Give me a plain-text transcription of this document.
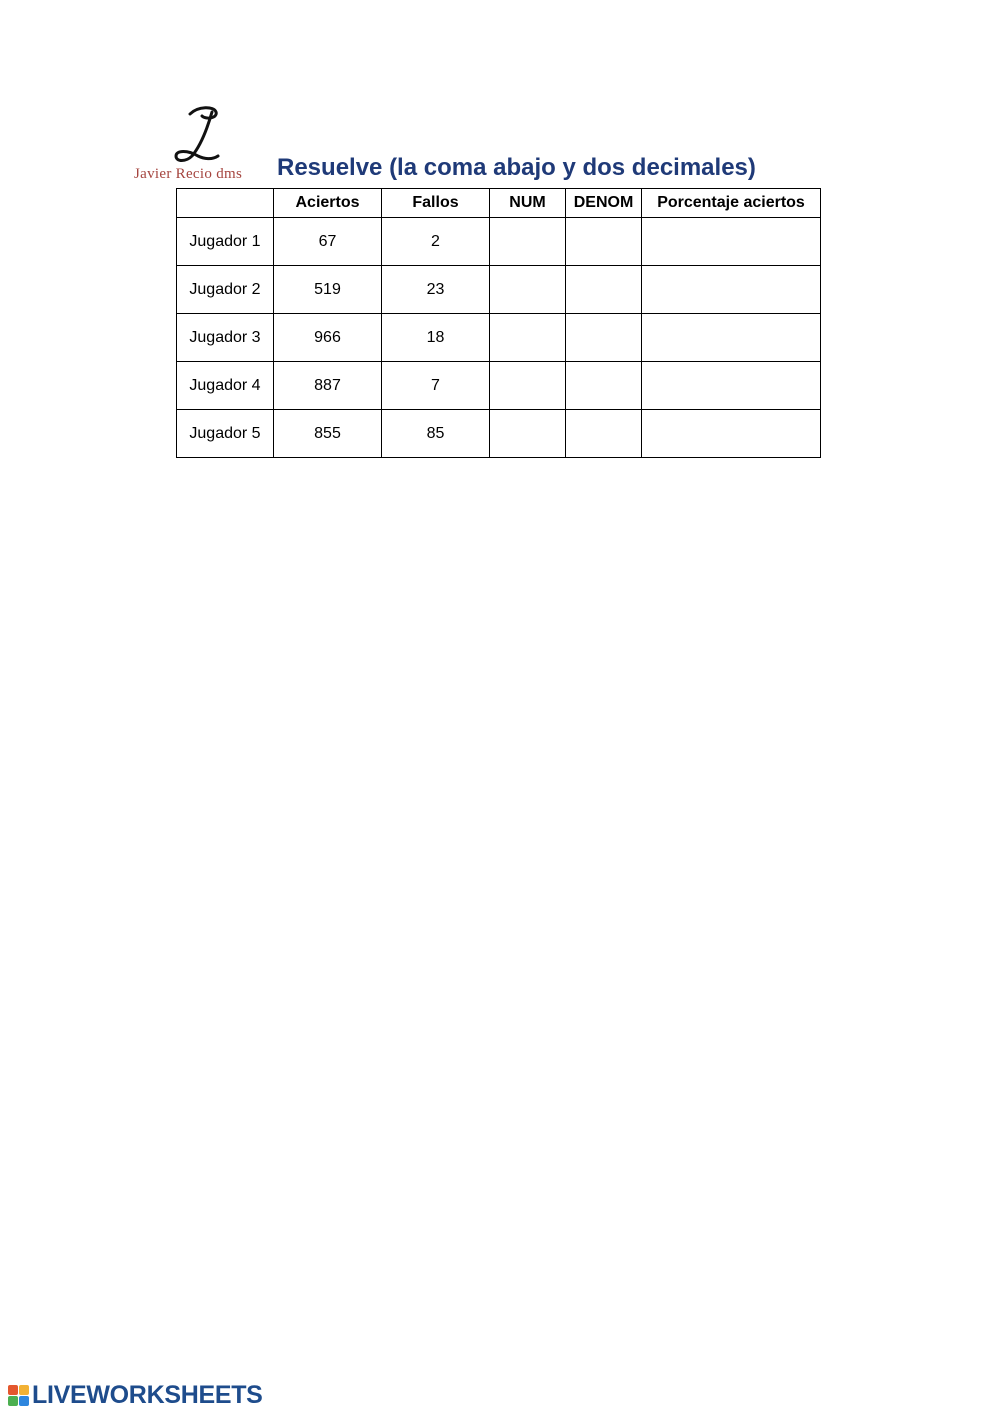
Javier Recio dms Resuelve (la coma abajo y dos decimales)
	Aciertos	Fallos	NUM	DENOM	Porcentaje aciertos
Jugador 1	67	2			
Jugador 2	519	23			
Jugador 3	966	18			
Jugador 4	887	7			
Jugador 5	855	85			
LIVEWORKSHEETS
